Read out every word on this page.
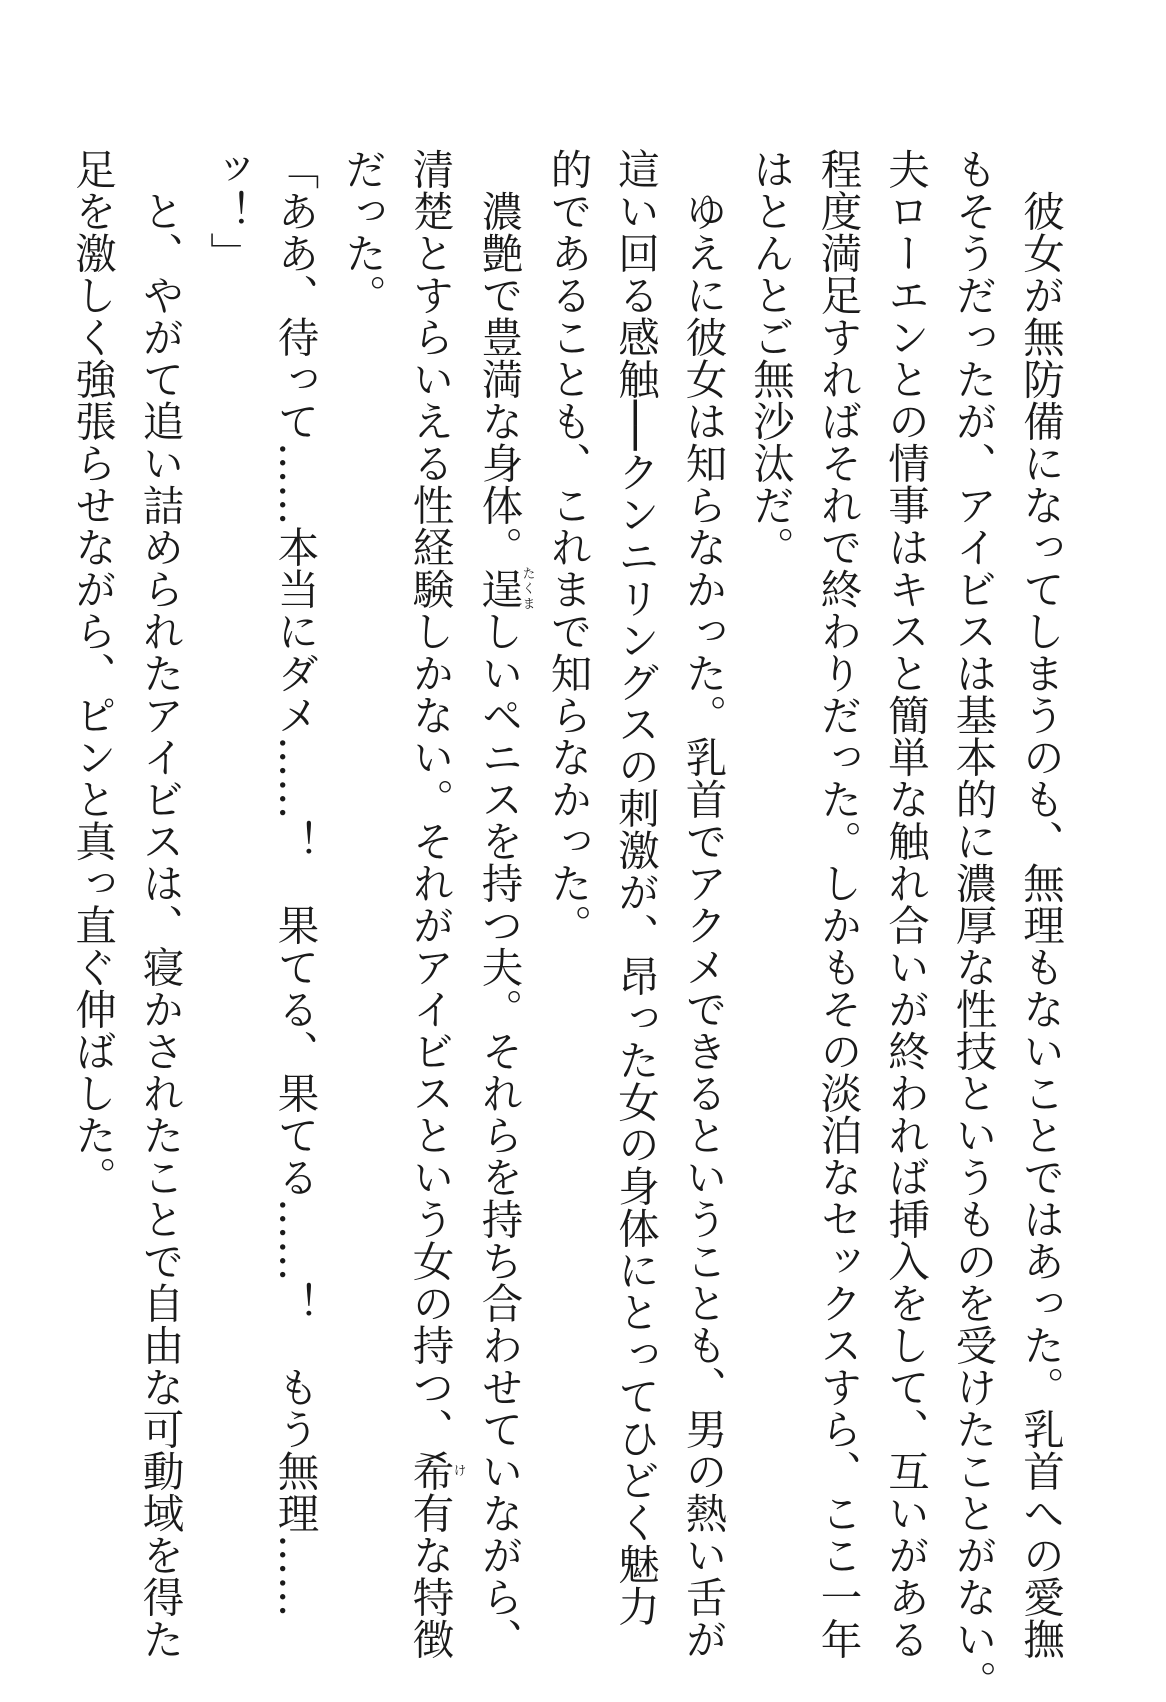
　彼女が無防備になってしまうのも、無理もないことではあった。乳首への愛撫
もそうだったが、アイビスは基本的に濃厚な性技というものを受けたことがない。
夫ローエンとの情事はキスと簡単な触れ合いが終われば挿入をして、互いがある
程度満足すればそれで終わりだった。しかもその淡泊なセックスすら、ここ一年
はとんとご無沙汰だ。
　ゆえに彼女は知らなかった。乳首でアクメできるということも、男の熱い舌が
這い回る感触──クンニリングスの刺激が、昂った女の身体にとってひどく魅力
的であることも、これまで知らなかった。
　濃艶で豊満な身体。逞たくましいペニスを持つ夫。それらを持ち合わせていながら、
清楚とすらいえる性経験しかない。それがアイビスという女の持つ、希け有な特徴
だった。
「ああ、待って……本当にダメ……！　果てる、果てる……！　もう無理……
ッ！」
　と、やがて追い詰められたアイビスは、寝かされたことで自由な可動域を得た
足を激しく強張らせながら、ピンと真っ直ぐ伸ばした。
